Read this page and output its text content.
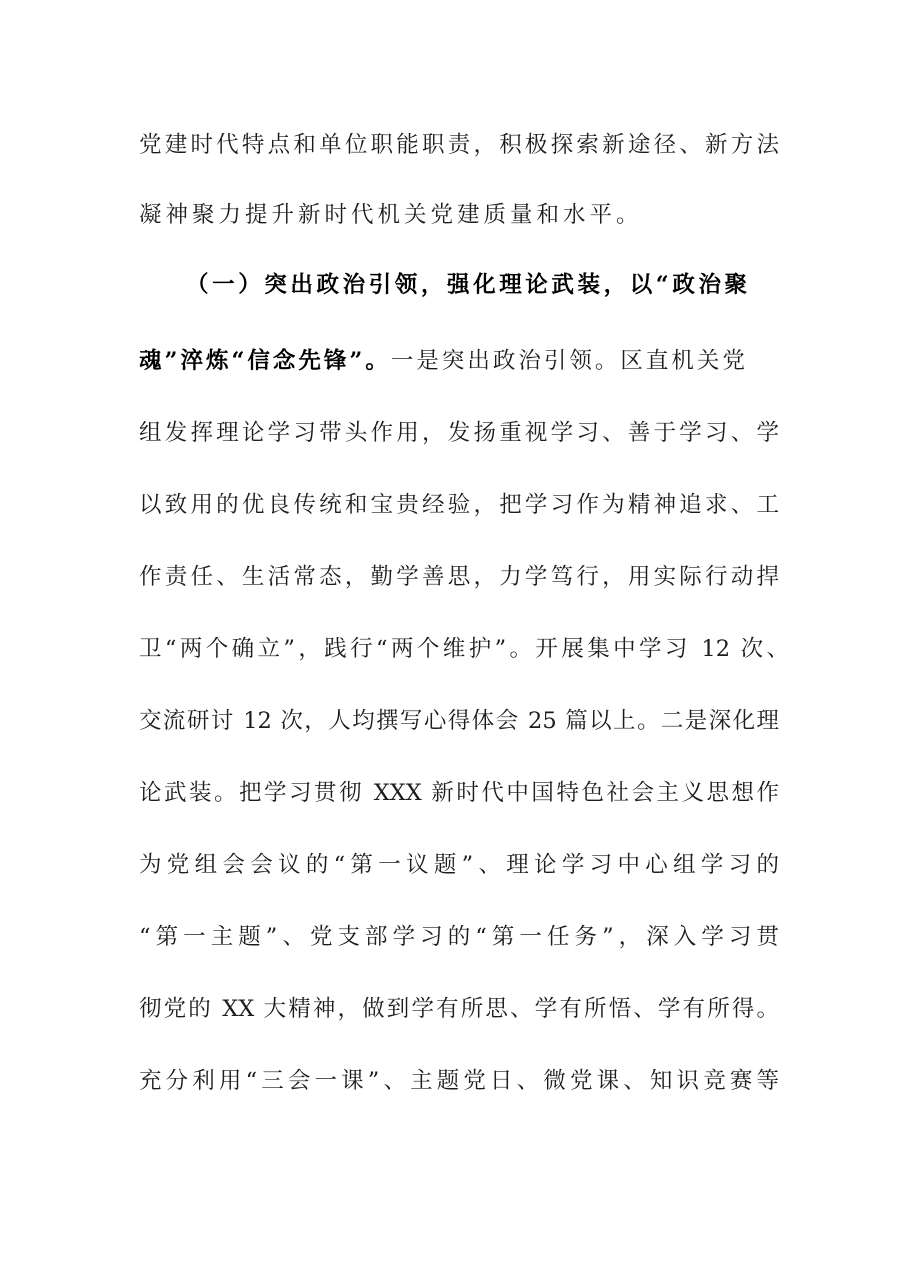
党建时代特点和单位职能职责，积极探索新途径、新方法
凝神聚力提升新时代机关党建质量和水平。
（一）突出政治引领，强化理论武装，以“政治聚
魂”淬炼“信念先锋”。一是突出政治引领。区直机关党
组发挥理论学习带头作用，发扬重视学习、善于学习、学
以致用的优良传统和宝贵经验，把学习作为精神追求、工
作责任、生活常态，勤学善思，力学笃行，用实际行动捍
卫“两个确立”，践行“两个维护”。开展集中学习 12 次、
交流研讨 12 次，人均撰写心得体会 25 篇以上。二是深化理
论武装。把学习贯彻 XXX 新时代中国特色社会主义思想作
为党组会会议的“第一议题”、理论学习中心组学习的
“第一主题”、党支部学习的“第一任务”，深入学习贯
彻党的 XX 大精神，做到学有所思、学有所悟、学有所得。
充分利用“三会一课”、主题党日、微党课、知识竞赛等
